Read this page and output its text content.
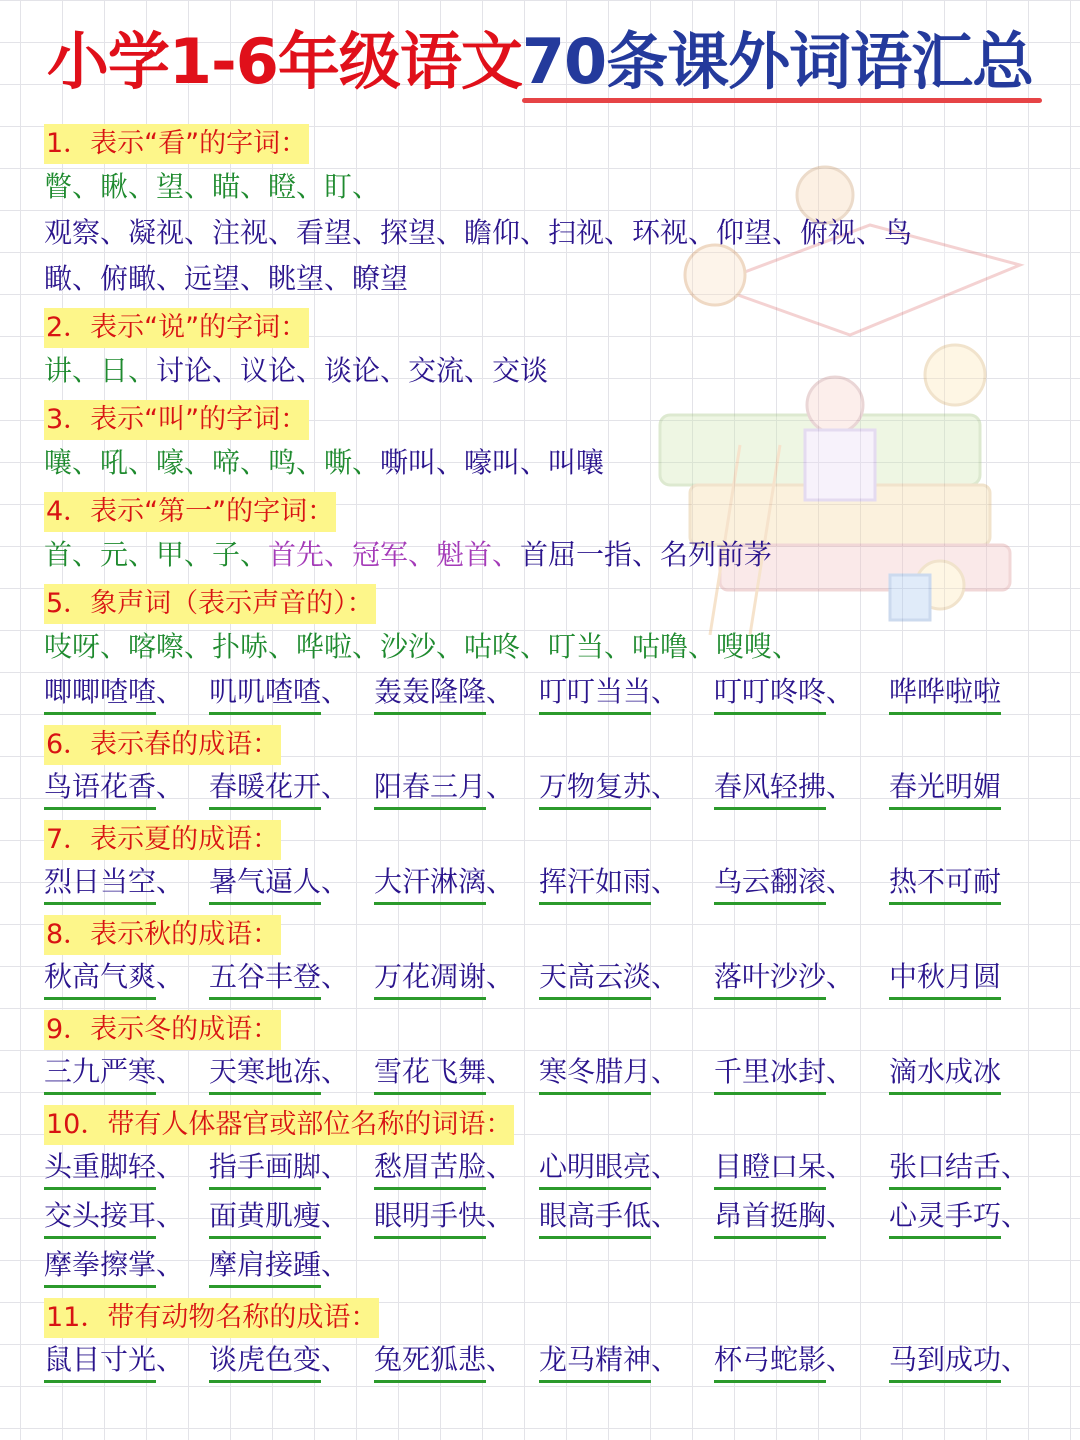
小学1-6年级语文70条课外词语汇总
1．表示“看”的字词：
瞥、瞅、望、瞄、瞪、盯、
观察、凝视、注视、看望、探望、瞻仰、扫视、环视、仰望、俯视、鸟
瞰、俯瞰、远望、眺望、瞭望
2．表示“说”的字词：
讲、日、讨论、议论、谈论、交流、交谈
3．表示“叫”的字词：
嚷、吼、嚎、啼、鸣、嘶、嘶叫、嚎叫、叫嚷
4．表示“第一”的字词：
首、元、甲、子、首先、冠军、魁首、首屈一指、名列前茅
5．象声词（表示声音的）：
吱呀、喀嚓、扑哧、哗啦、沙沙、咕咚、叮当、咕噜、嗖嗖、
唧唧喳喳、 叽叽喳喳、 轰轰隆隆、 叮叮当当、 叮叮咚咚、 哗哗啦啦
6．表示春的成语：
鸟语花香、 春暖花开、 阳春三月、 万物复苏、 春风轻拂、 春光明媚
7．表示夏的成语：
烈日当空、 暑气逼人、 大汗淋漓、 挥汗如雨、 乌云翻滚、 热不可耐
8．表示秋的成语：
秋高气爽、 五谷丰登、 万花凋谢、 天高云淡、 落叶沙沙、 中秋月圆
9．表示冬的成语：
三九严寒、 天寒地冻、 雪花飞舞、 寒冬腊月、 千里冰封、 滴水成冰
10．带有人体器官或部位名称的词语：
头重脚轻、 指手画脚、 愁眉苦脸、 心明眼亮、 目瞪口呆、 张口结舌、
交头接耳、 面黄肌瘦、 眼明手快、 眼高手低、 昂首挺胸、 心灵手巧、
摩拳擦掌、 摩肩接踵、
11．带有动物名称的成语：
鼠目寸光、 谈虎色变、 兔死狐悲、 龙马精神、 杯弓蛇影、 马到成功、
